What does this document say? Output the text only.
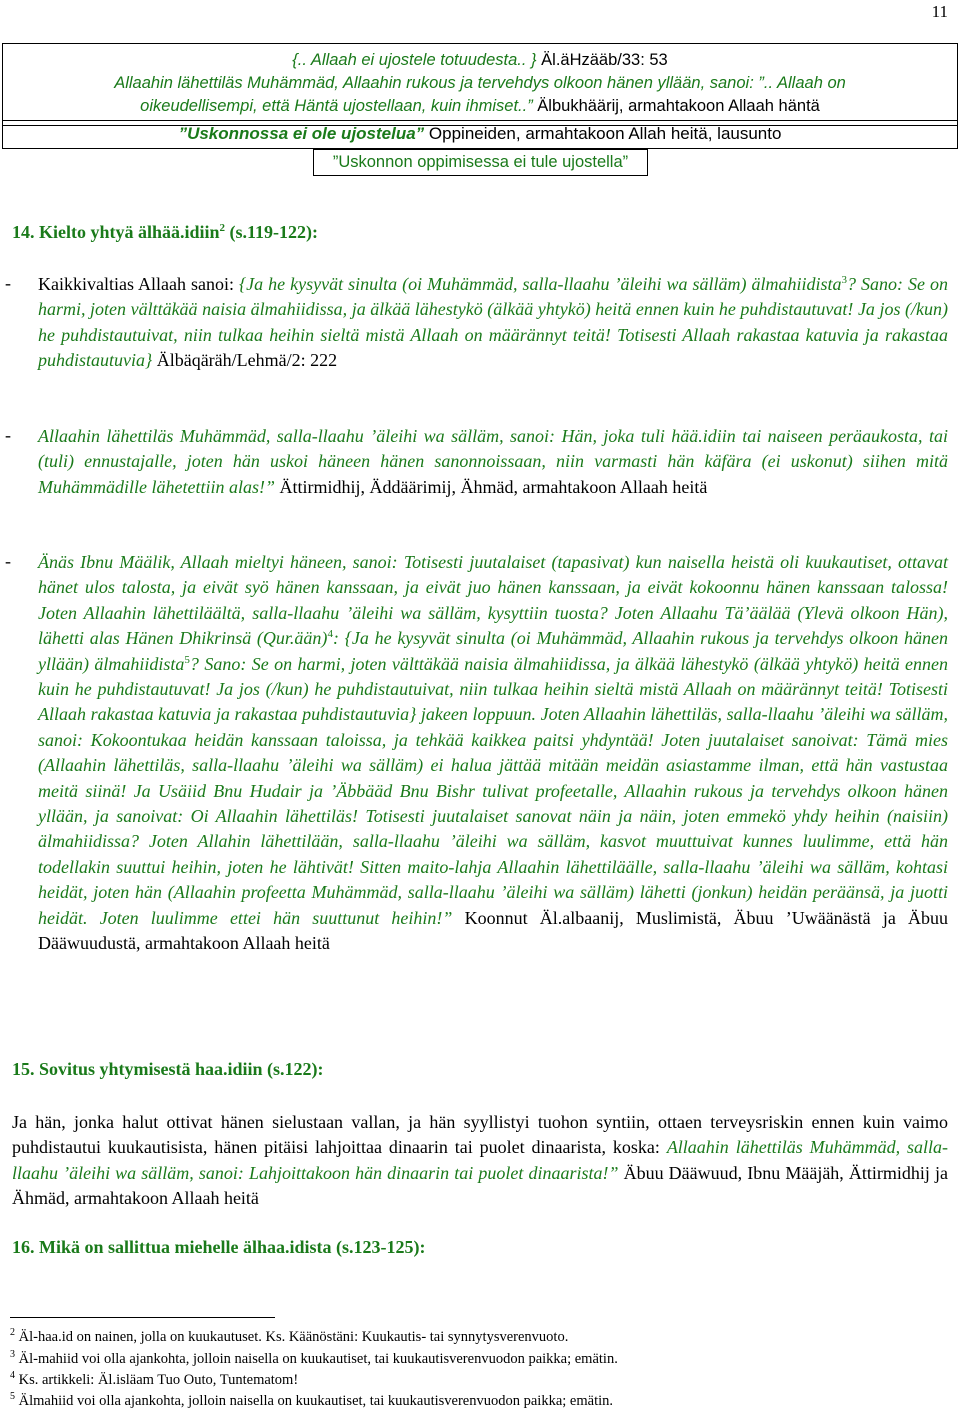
11
{.. Allaah ei ujostele totuudesta.. } Äl.äHzääb/33: 53
Allaahin lähettiläs Muhämmäd, Allaahin rukous ja tervehdys olkoon hänen yllään, sanoi: ”.. Allaah on
oikeudellisempi, että Häntä ujostellaan, kuin ihmiset..” Älbukhäärij, armahtakoon Allaah häntä
”Uskonnossa ei ole ujostelua” Oppineiden, armahtakoon Allah heitä, lausunto
”Uskonnon oppimisessa ei tule ujostella”
14. Kielto yhtyä älhää.idiin$^2$ (s.119-122):
- Kaikkivaltias Allaah sanoi: {Ja he kysyvät sinulta (oi Muhämmäd, salla-llaahu ’äleihi wa sälläm) älmahiidista$^3$? Sano: Se on harmi, joten välttäkää naisia älmahiidissa, ja älkää lähestykö (älkää yhtykö) heitä ennen kuin he puhdistautuvat! Ja jos (/kun) he puhdistautuivat, niin tulkaa heihin sieltä mistä Allaah on määrännyt teitä! Totisesti Allaah rakastaa katuvia ja rakastaa puhdistautuvia} Älbäqäräh/Lehmä/2: 222
- Allaahin lähettiläs Muhämmäd, salla-llaahu ’äleihi wa sälläm, sanoi: Hän, joka tuli hää.idiin tai naiseen peräaukosta, tai (tuli) ennustajalle, joten hän uskoi häneen hänen sanonnoissaan, niin varmasti hän käfära (ei uskonut) siihen mitä Muhämmädille lähetettiin alas!” Ättirmidhij, Äddäärimij, Ähmäd, armahtakoon Allaah heitä
- Änäs Ibnu Määlik, Allaah mieltyi häneen, sanoi: Totisesti juutalaiset (tapasivat) kun naisella heistä oli kuukautiset, ottavat hänet ulos talosta, ja eivät syö hänen kanssaan, ja eivät juo hänen kanssaan, ja eivät kokoonnu hänen kanssaan talossa! Joten Allaahin lähettiläältä, salla-llaahu ’äleihi wa sälläm, kysyttiin tuosta? Joten Allaahu Tä’äälää (Ylevä olkoon Hän), lähetti alas Hänen Dhikrinsä (Qur.ään)$^4$: {Ja he kysyvät sinulta (oi Muhämmäd, Allaahin rukous ja tervehdys olkoon hänen yllään) älmahiidista$^5$? Sano: Se on harmi, joten välttäkää naisia älmahiidissa, ja älkää lähestykö (älkää yhtykö) heitä ennen kuin he puhdistautuvat! Ja jos (/kun) he puhdistautuivat, niin tulkaa heihin sieltä mistä Allaah on määrännyt teitä! Totisesti Allaah rakastaa katuvia ja rakastaa puhdistautuvia} jakeen loppuun. Joten Allaahin lähettiläs, salla-llaahu ’äleihi wa sälläm, sanoi: Kokoontukaa heidän kanssaan taloissa, ja tehkää kaikkea paitsi yhdyntää! Joten juutalaiset sanoivat: Tämä mies (Allaahin lähettiläs, salla-llaahu ’äleihi wa sälläm) ei halua jättää mitään meidän asiastamme ilman, että hän vastustaa meitä siinä! Ja Usäiid Bnu Hudair ja ’Äbbääd Bnu Bishr tulivat profeetalle, Allaahin rukous ja tervehdys olkoon hänen yllään, ja sanoivat: Oi Allaahin lähettiläs! Totisesti juutalaiset sanovat näin ja näin, joten emmekö yhdy heihin (naisiin) älmahiidissa? Joten Allahin lähettilään, salla-llaahu ’äleihi wa sälläm, kasvot muuttuivat kunnes luulimme, että hän todellakin suuttui heihin, joten he lähtivät! Sitten maito-lahja Allaahin lähettiläälle, salla-llaahu ’äleihi wa sälläm, kohtasi heidät, joten hän (Allaahin profeetta Muhämmäd, salla-llaahu ’äleihi wa sälläm) lähetti (jonkun) heidän peräänsä, ja juotti heidät. Joten luulimme ettei hän suuttunut heihin!” Koonnut Äl.albaanij, Muslimistä, Äbuu ’Uwäänästä ja Äbuu Dääwuudustä, armahtakoon Allaah heitä
15. Sovitus yhtymisestä haa.idiin (s.122):
Ja hän, jonka halut ottivat hänen sielustaan vallan, ja hän syyllistyi tuohon syntiin, ottaen terveysriskin ennen kuin vaimo puhdistautui kuukautisista, hänen pitäisi lahjoittaa dinaarin tai puolet dinaarista, koska: Allaahin lähettiläs Muhämmäd, salla-llaahu ’äleihi wa sälläm, sanoi: Lahjoittakoon hän dinaarin tai puolet dinaarista!” Äbuu Dääwuud, Ibnu Määjäh, Ättirmidhij ja Ähmäd, armahtakoon Allaah heitä
16. Mikä on sallittua miehelle älhaa.idista (s.123-125):
$^2$ Äl-haa.id on nainen, jolla on kuukautuset. Ks. Käänöstäni: Kuukautis- tai synnytysverenvuoto.
$^3$ Äl-mahiid voi olla ajankohta, jolloin naisella on kuukautiset, tai kuukautisverenvuodon paikka; emätin.
$^4$ Ks. artikkeli: Äl.isläam Tuo Outo, Tuntematom!
$^5$ Älmahiid voi olla ajankohta, jolloin naisella on kuukautiset, tai kuukautisverenvuodon paikka; emätin.
